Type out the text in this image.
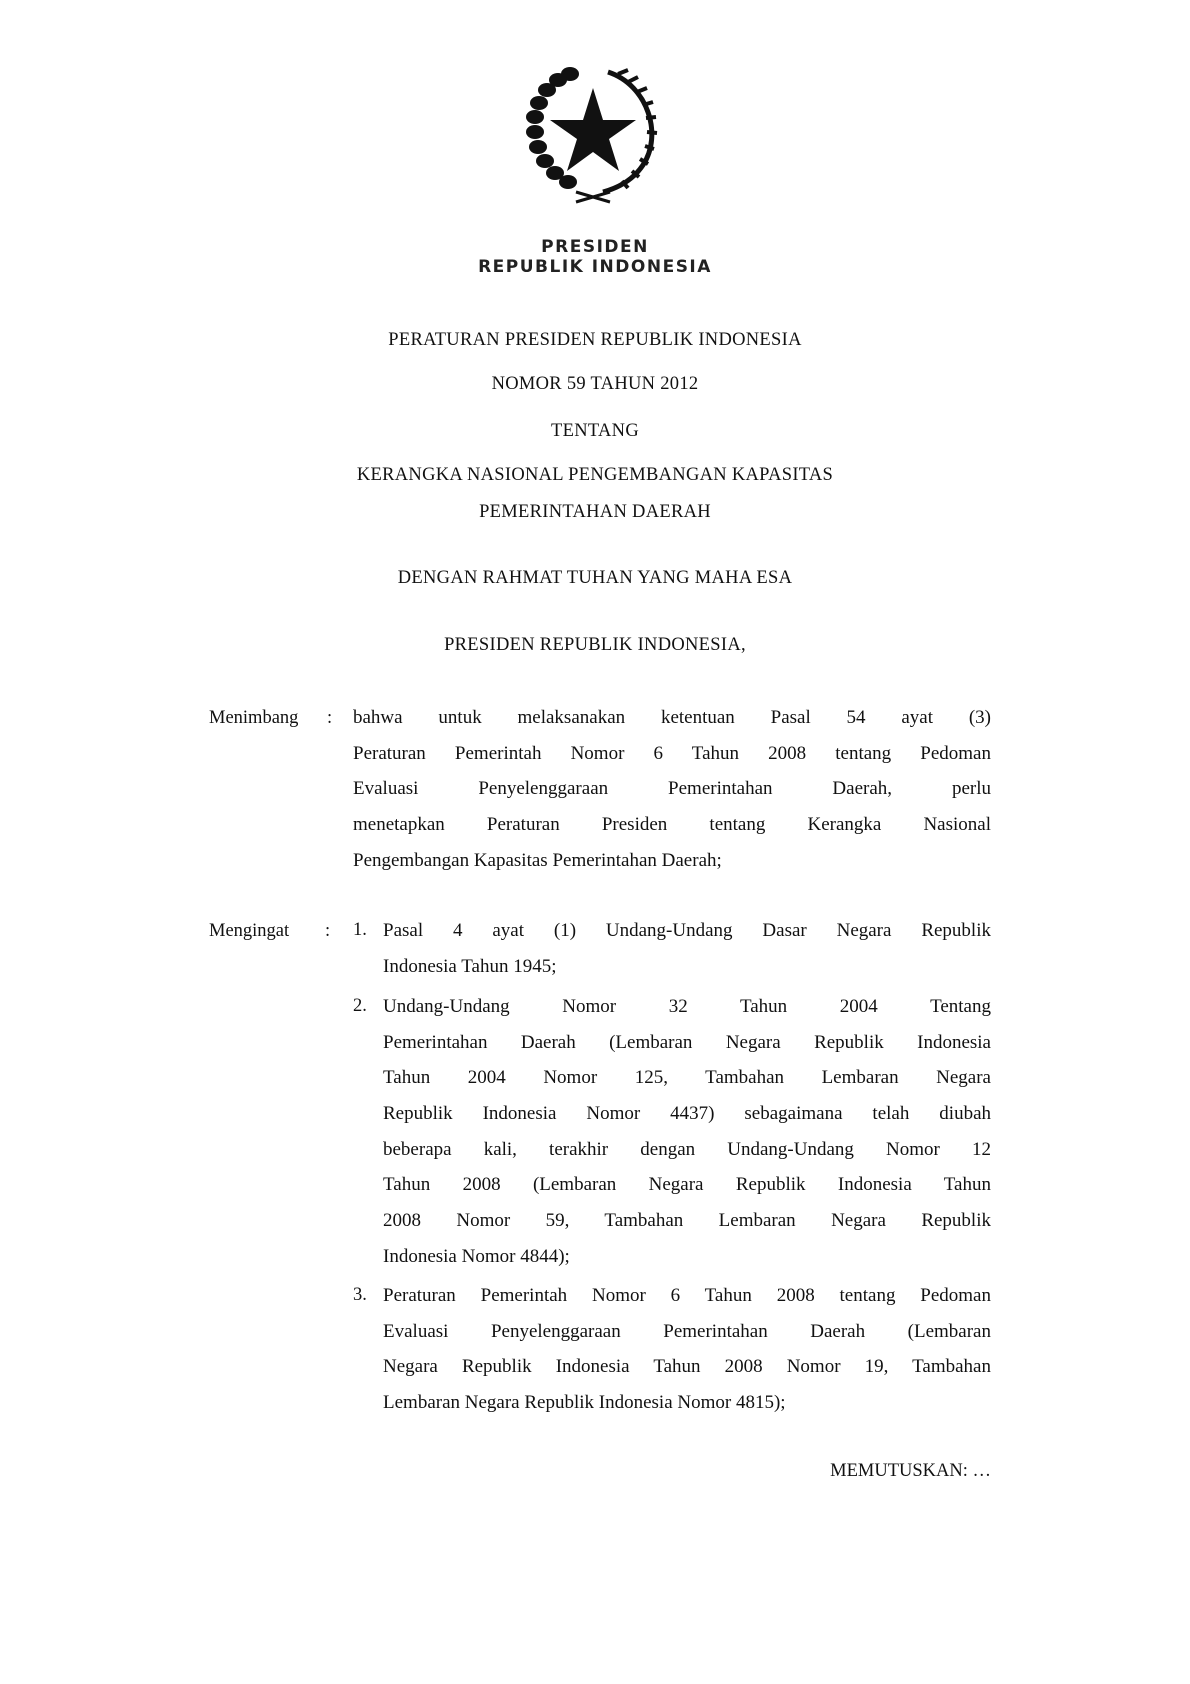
PRESIDEN
REPUBLIK INDONESIA
PERATURAN PRESIDEN REPUBLIK INDONESIA
NOMOR 59 TAHUN 2012
TENTANG
KERANGKA NASIONAL PENGEMBANGAN KAPASITAS
PEMERINTAHAN DAERAH
DENGAN RAHMAT TUHAN YANG MAHA ESA
PRESIDEN REPUBLIK INDONESIA,
Menimbang : bahwa untuk melaksanakan ketentuan Pasal 54 ayat (3)
Peraturan Pemerintah Nomor 6 Tahun 2008 tentang Pedoman
Evaluasi Penyelenggaraan Pemerintahan Daerah, perlu
menetapkan Peraturan Presiden tentang Kerangka Nasional
Pengembangan Kapasitas Pemerintahan Daerah;
Mengingat : 1. Pasal 4 ayat (1) Undang-Undang Dasar Negara Republik
Indonesia Tahun 1945;
2. Undang-Undang Nomor 32 Tahun 2004 Tentang
Pemerintahan Daerah (Lembaran Negara Republik Indonesia
Tahun 2004 Nomor 125, Tambahan Lembaran Negara
Republik Indonesia Nomor 4437) sebagaimana telah diubah
beberapa kali, terakhir dengan Undang-Undang Nomor 12
Tahun 2008 (Lembaran Negara Republik Indonesia Tahun
2008 Nomor 59, Tambahan Lembaran Negara Republik
Indonesia Nomor 4844);
3. Peraturan Pemerintah Nomor 6 Tahun 2008 tentang Pedoman
Evaluasi Penyelenggaraan Pemerintahan Daerah (Lembaran
Negara Republik Indonesia Tahun 2008 Nomor 19, Tambahan
Lembaran Negara Republik Indonesia Nomor 4815);
MEMUTUSKAN: …
